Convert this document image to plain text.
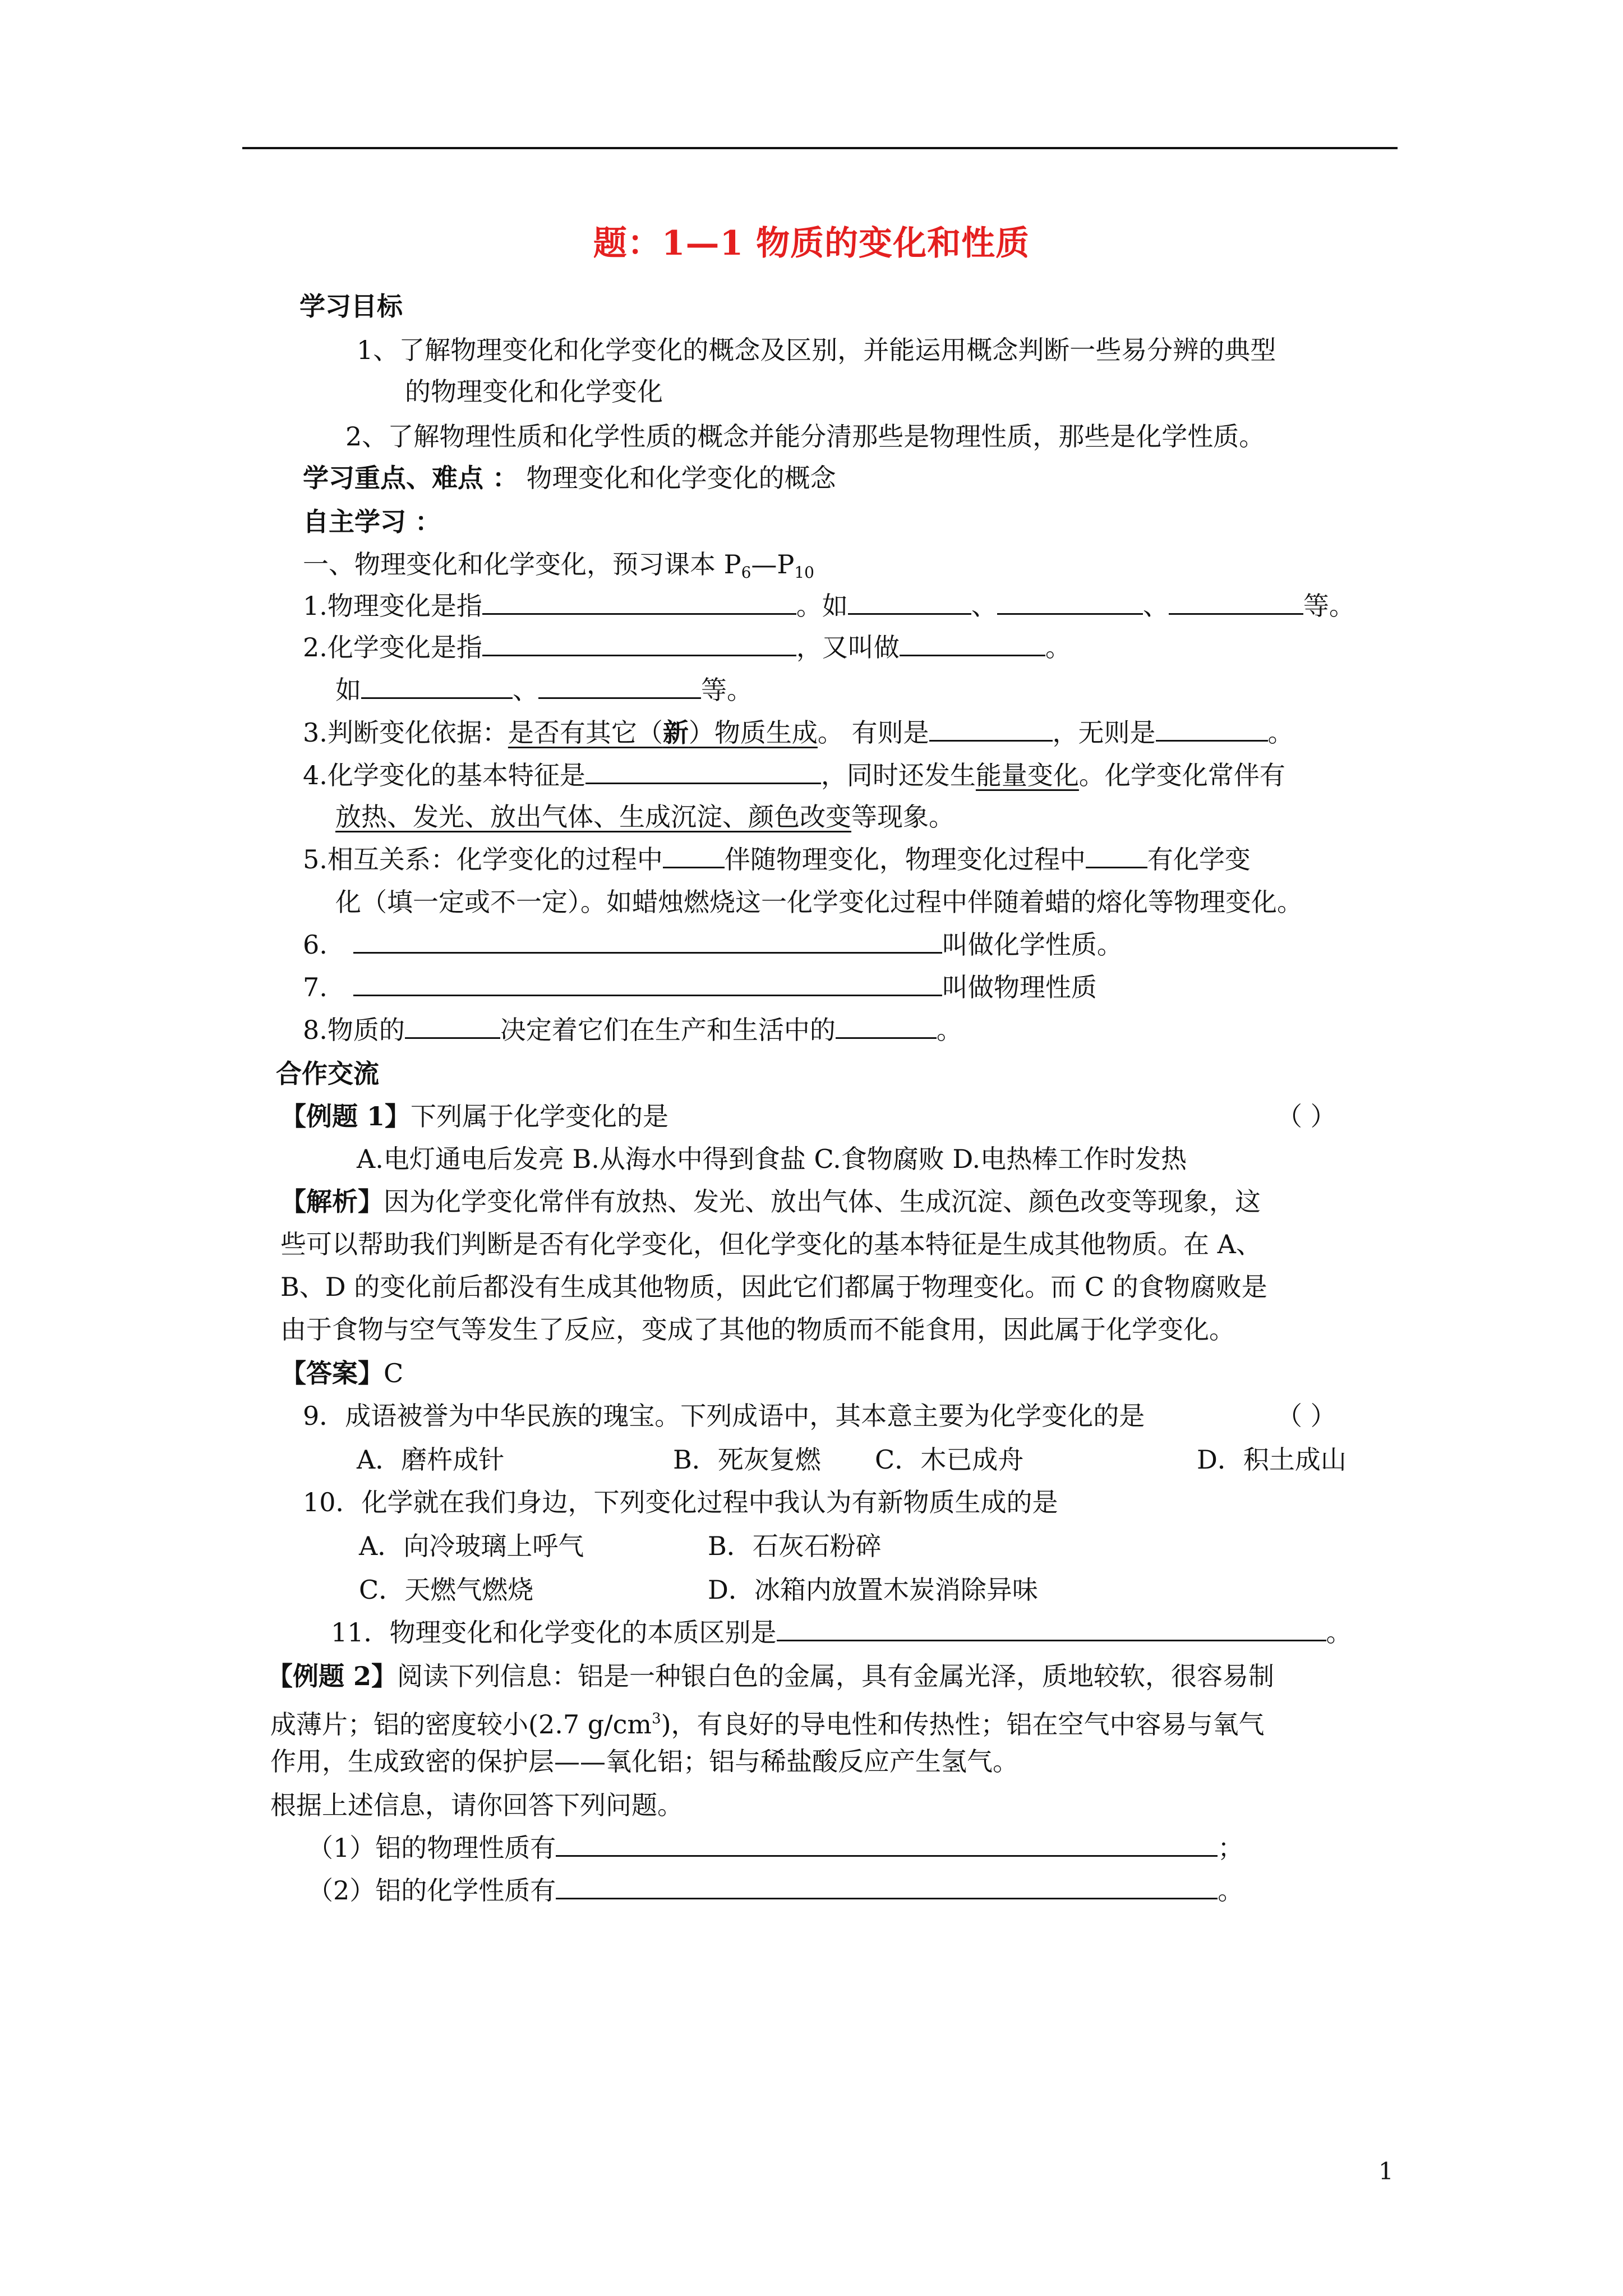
题：1—1 物质的变化和性质
学习目标
1、了解物理变化和化学变化的概念及区别，并能运用概念判断一些易分辨的典型
的物理变化和化学变化
2、了解物理性质和化学性质的概念并能分清那些是物理性质，那些是化学性质。
学习重点、难点 ： 物理变化和化学变化的概念
自主学习 ：
一、物理变化和化学变化，预习课本 $P_6—P_{10}$
1.物理变化是指	。如	、	、	等。
2.化学变化是指	，又叫做	。
如	、	等。
3.判断变化依据：是否有其它（新）物质生成。 有则是	，无则是	。
4.化学变化的基本特征是	，同时还发生能量变化。化学变化常伴有
放热、发光、放出气体、生成沉淀、颜色改变等现象。
5.相互关系：化学变化的过程中 伴随物理变化，物理变化过程中 有化学变
化（填一定或不一定）。如蜡烛燃烧这一化学变化过程中伴随着蜡的熔化等物理变化。
6.	叫做化学性质。
7.	叫做物理性质
8.物质的	决定着它们在生产和生活中的	。
合作交流
【例题 1】下列属于化学变化的是	（ ）
A.电灯通电后发亮 B.从海水中得到食盐 C.食物腐败 D.电热棒工作时发热
【解析】因为化学变化常伴有放热、发光、放出气体、生成沉淀、颜色改变等现象，这
些可以帮助我们判断是否有化学变化，但化学变化的基本特征是生成其他物质。在 A、
B、D 的变化前后都没有生成其他物质，因此它们都属于物理变化。而 C 的食物腐败是
由于食物与空气等发生了反应，变成了其他的物质而不能食用，因此属于化学变化。
【答案】C
9．成语被誉为中华民族的瑰宝。下列成语中，其本意主要为化学变化的是	（ ）
A．磨杵成针	B．死灰复燃 C．木已成舟	D．积土成山
10．化学就在我们身边，下列变化过程中我认为有新物质生成的是
A．向冷玻璃上呼气	B．石灰石粉碎
C．天燃气燃烧	D．冰箱内放置木炭消除异味
11．物理变化和化学变化的本质区别是	。
【例题 2】阅读下列信息：铝是一种银白色的金属，具有金属光泽，质地较软，很容易制
成薄片；铝的密度较小(2.7 $g/cm^3$)，有良好的导电性和传热性；铝在空气中容易与氧气
作用，生成致密的保护层——氧化铝；铝与稀盐酸反应产生氢气。
根据上述信息，请你回答下列问题。
（1）铝的物理性质有	；
（2）铝的化学性质有	。
1
